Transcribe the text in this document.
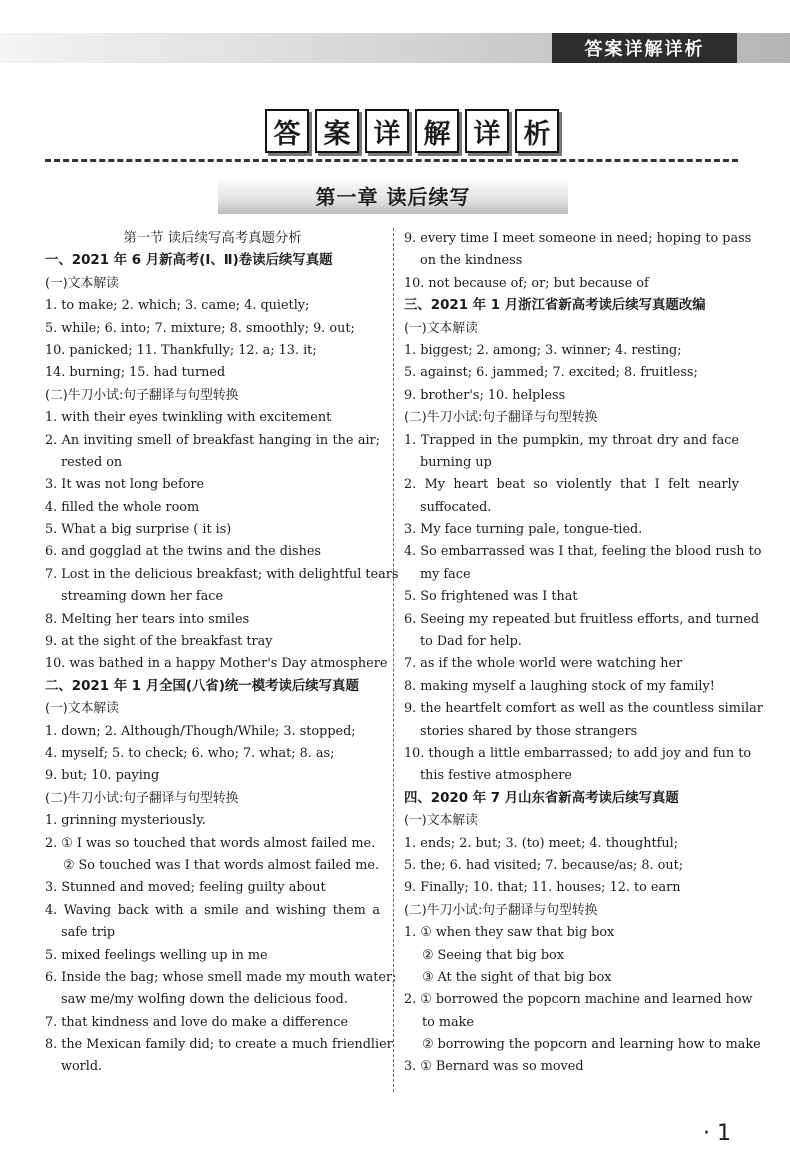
答案详解详析
答 案 详 解 详 析
第一章 读后续写
第一节 读后续写高考真题分析
一、2021 年 6 月新高考(Ⅰ、Ⅱ)卷读后续写真题
(一)文本解读
1. to make; 2. which; 3. came; 4. quietly;
5. while; 6. into; 7. mixture; 8. smoothly; 9. out;
10. panicked; 11. Thankfully; 12. a; 13. it;
14. burning; 15. had turned
(二)牛刀小试:句子翻译与句型转换
1. with their eyes twinkling with excitement
2. An inviting smell of breakfast hanging in the air;
rested on
3. It was not long before
4. filled the whole room
5. What a big surprise ( it is)
6. and gogglad at the twins and the dishes
7. Lost in the delicious breakfast; with delightful tears
streaming down her face
8. Melting her tears into smiles
9. at the sight of the breakfast tray
10. was bathed in a happy Mother's Day atmosphere
二、2021 年 1 月全国(八省)统一模考读后续写真题
(一)文本解读
1. down; 2. Although/Though/While; 3. stopped;
4. myself; 5. to check; 6. who; 7. what; 8. as;
9. but; 10. paying
(二)牛刀小试:句子翻译与句型转换
1. grinning mysteriously.
2. ① I was so touched that words almost failed me.
② So touched was I that words almost failed me.
3. Stunned and moved; feeling guilty about
4. Waving back with a smile and wishing them a
safe trip
5. mixed feelings welling up in me
6. Inside the bag; whose smell made my mouth water;
saw me/my wolfing down the delicious food.
7. that kindness and love do make a difference
8. the Mexican family did; to create a much friendlier
world.
9. every time I meet someone in need; hoping to pass
on the kindness
10. not because of; or; but because of
三、2021 年 1 月浙江省新高考读后续写真题改编
(一)文本解读
1. biggest; 2. among; 3. winner; 4. resting;
5. against; 6. jammed; 7. excited; 8. fruitless;
9. brother's; 10. helpless
(二)牛刀小试:句子翻译与句型转换
1. Trapped in the pumpkin, my throat dry and face
burning up
2. My heart beat so violently that I felt nearly
suffocated.
3. My face turning pale, tongue-tied.
4. So embarrassed was I that, feeling the blood rush to
my face
5. So frightened was I that
6. Seeing my repeated but fruitless efforts, and turned
to Dad for help.
7. as if the whole world were watching her
8. making myself a laughing stock of my family!
9. the heartfelt comfort as well as the countless similar
stories shared by those strangers
10. though a little embarrassed; to add joy and fun to
this festive atmosphere
四、2020 年 7 月山东省新高考读后续写真题
(一)文本解读
1. ends; 2. but; 3. (to) meet; 4. thoughtful;
5. the; 6. had visited; 7. because/as; 8. out;
9. Finally; 10. that; 11. houses; 12. to earn
(二)牛刀小试:句子翻译与句型转换
1. ① when they saw that big box
② Seeing that big box
③ At the sight of that big box
2. ① borrowed the popcorn machine and learned how
to make
② borrowing the popcorn and learning how to make
3. ① Bernard was so moved
· 1
